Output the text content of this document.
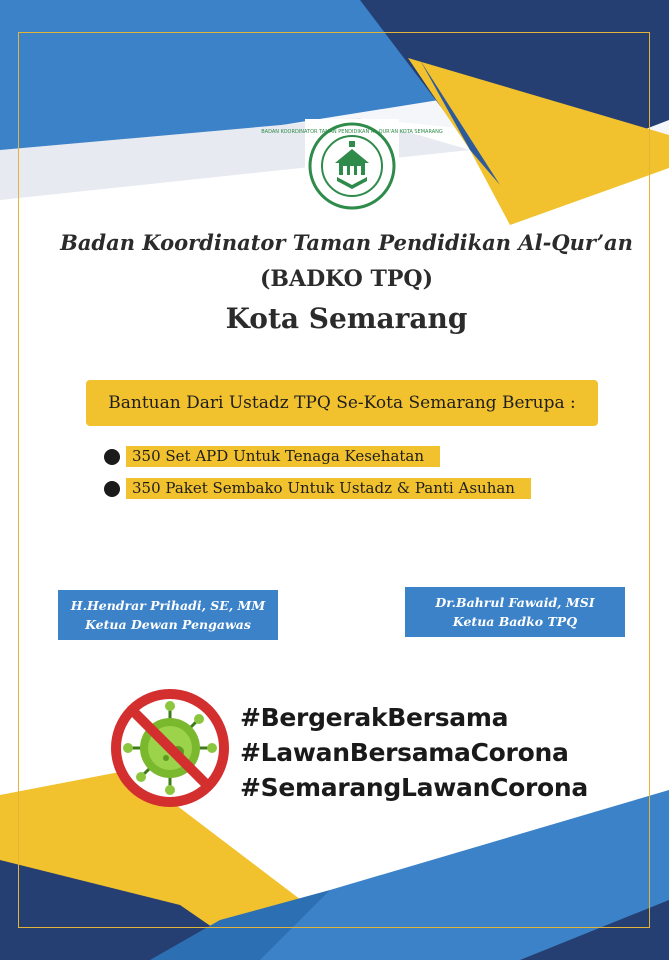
BADAN KOORDINATOR TAMAN PENDIDIKAN AL QUR'AN KOTA SEMARANG
Badan Koordinator Taman Pendidikan Al-Qur’an
(BADKO TPQ)
Kota Semarang
Bantuan Dari Ustadz TPQ Se-Kota Semarang Berupa :
350 Set APD Untuk Tenaga Kesehatan
350 Paket Sembako Untuk Ustadz & Panti Asuhan
H.Hendrar Prihadi, SE, MM
Ketua Dewan Pengawas
Dr.Bahrul Fawaid, MSI
Ketua Badko TPQ
#BergerakBersama
#LawanBersamaCorona
#SemarangLawanCorona
